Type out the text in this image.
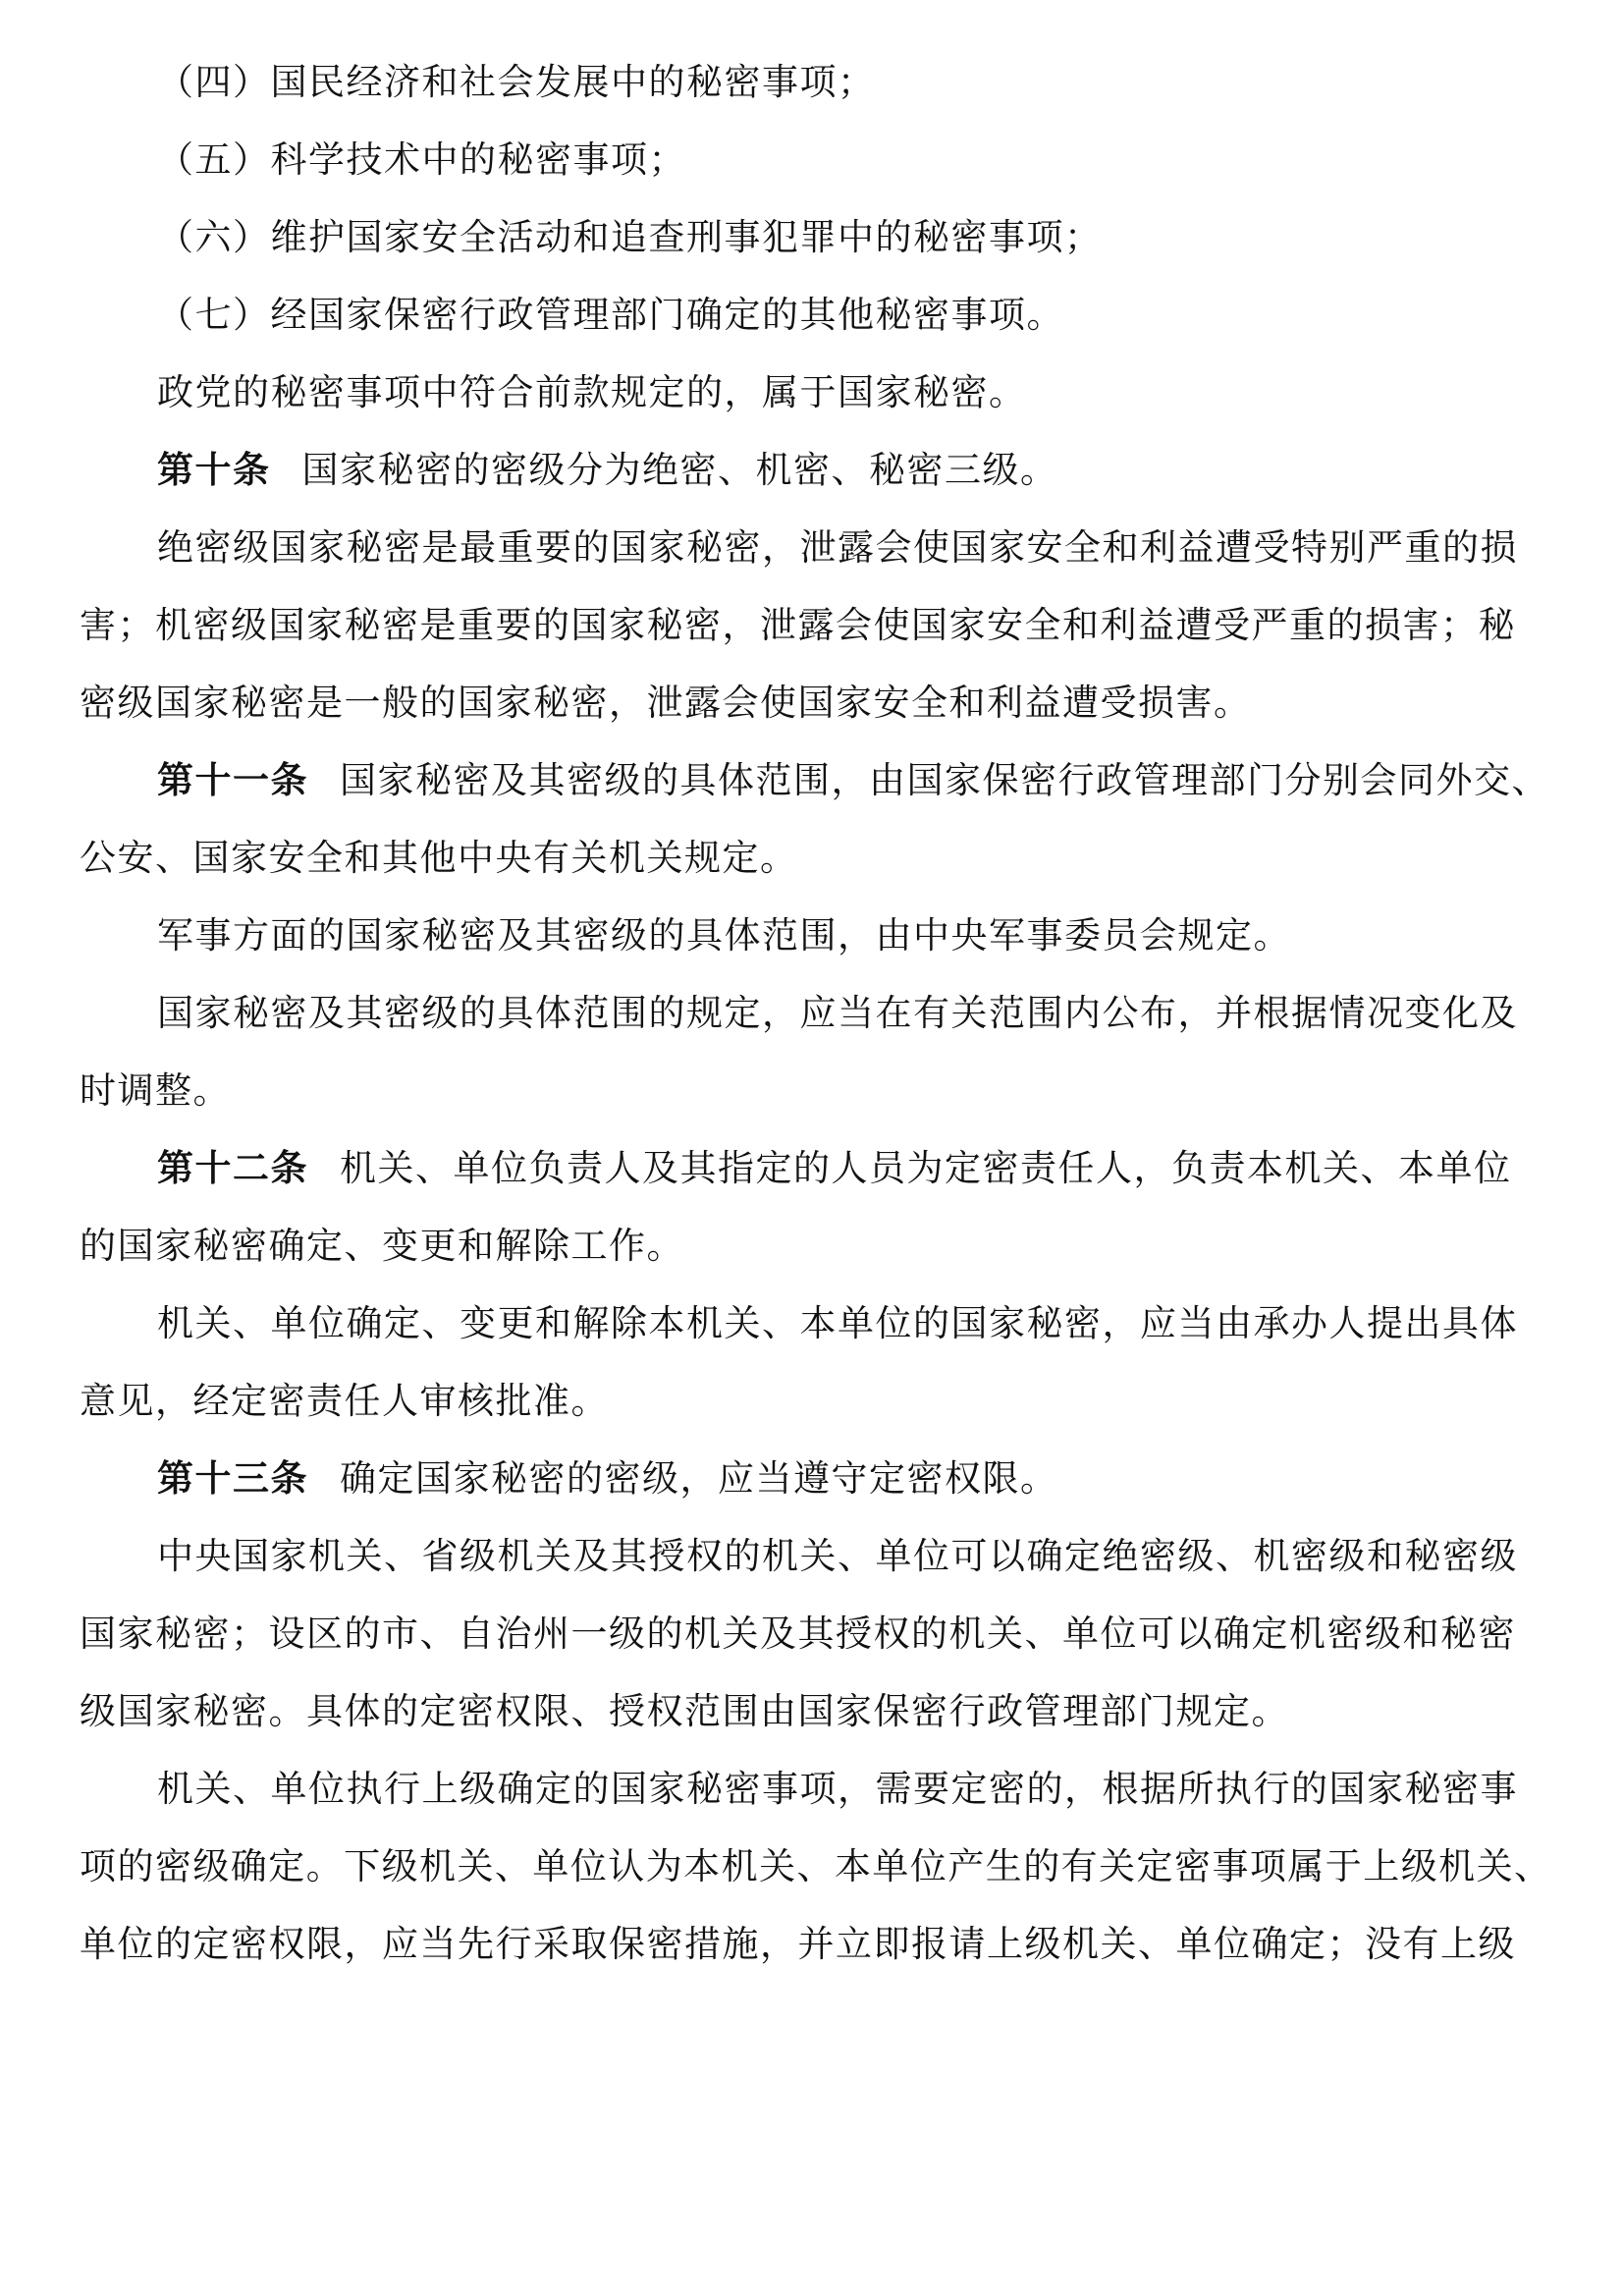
（四）国民经济和社会发展中的秘密事项；
（五）科学技术中的秘密事项；
（六）维护国家安全活动和追查刑事犯罪中的秘密事项；
（七）经国家保密行政管理部门确定的其他秘密事项。
政党的秘密事项中符合前款规定的，属于国家秘密。
第十条 国家秘密的密级分为绝密、机密、秘密三级。
绝密级国家秘密是最重要的国家秘密，泄露会使国家安全和利益遭受特别严重的损
害；机密级国家秘密是重要的国家秘密，泄露会使国家安全和利益遭受严重的损害；秘
密级国家秘密是一般的国家秘密，泄露会使国家安全和利益遭受损害。
第十一条 国家秘密及其密级的具体范围，由国家保密行政管理部门分别会同外交、
公安、国家安全和其他中央有关机关规定。
军事方面的国家秘密及其密级的具体范围，由中央军事委员会规定。
国家秘密及其密级的具体范围的规定，应当在有关范围内公布，并根据情况变化及
时调整。
第十二条 机关、单位负责人及其指定的人员为定密责任人，负责本机关、本单位
的国家秘密确定、变更和解除工作。
机关、单位确定、变更和解除本机关、本单位的国家秘密，应当由承办人提出具体
意见，经定密责任人审核批准。
第十三条 确定国家秘密的密级，应当遵守定密权限。
中央国家机关、省级机关及其授权的机关、单位可以确定绝密级、机密级和秘密级
国家秘密；设区的市、自治州一级的机关及其授权的机关、单位可以确定机密级和秘密
级国家秘密。具体的定密权限、授权范围由国家保密行政管理部门规定。
机关、单位执行上级确定的国家秘密事项，需要定密的，根据所执行的国家秘密事
项的密级确定。下级机关、单位认为本机关、本单位产生的有关定密事项属于上级机关、
单位的定密权限，应当先行采取保密措施，并立即报请上级机关、单位确定；没有上级
